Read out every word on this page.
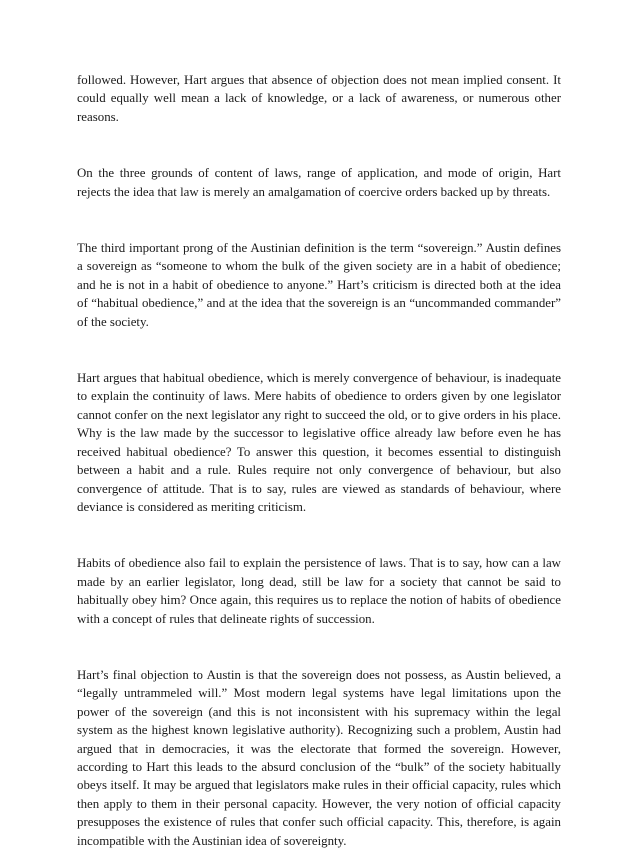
followed. However, Hart argues that absence of objection does not mean implied consent. It could equally well mean a lack of knowledge, or a lack of awareness, or numerous other reasons.

On the three grounds of content of laws, range of application, and mode of origin, Hart rejects the idea that law is merely an amalgamation of coercive orders backed up by threats.

The third important prong of the Austinian definition is the term “sovereign.” Austin defines a sovereign as “someone to whom the bulk of the given society are in a habit of obedience; and he is not in a habit of obedience to anyone.” Hart’s criticism is directed both at the idea of “habitual obedience,” and at the idea that the sovereign is an “uncommanded commander” of the society.

Hart argues that habitual obedience, which is merely convergence of behaviour, is inadequate to explain the continuity of laws. Mere habits of obedience to orders given by one legislator cannot confer on the next legislator any right to succeed the old, or to give orders in his place. Why is the law made by the successor to legislative office already law before even he has received habitual obedience? To answer this question, it becomes essential to distinguish between a habit and a rule. Rules require not only convergence of behaviour, but also convergence of attitude. That is to say, rules are viewed as standards of behaviour, where deviance is considered as meriting criticism.

Habits of obedience also fail to explain the persistence of laws. That is to say, how can a law made by an earlier legislator, long dead, still be law for a society that cannot be said to habitually obey him? Once again, this requires us to replace the notion of habits of obedience with a concept of rules that delineate rights of succession.

Hart’s final objection to Austin is that the sovereign does not possess, as Austin believed, a “legally untrammeled will.” Most modern legal systems have legal limitations upon the power of the sovereign (and this is not inconsistent with his supremacy within the legal system as the highest known legislative authority). Recognizing such a problem, Austin had argued that in democracies, it was the electorate that formed the sovereign. However, according to Hart this leads to the absurd conclusion of the “bulk” of the society habitually obeys itself. It may be argued that legislators make rules in their official capacity, rules which then apply to them in their personal capacity. However, the very notion of official capacity presupposes the existence of rules that confer such official capacity. This, therefore, is again incompatible with the Austinian idea of sovereignty.
